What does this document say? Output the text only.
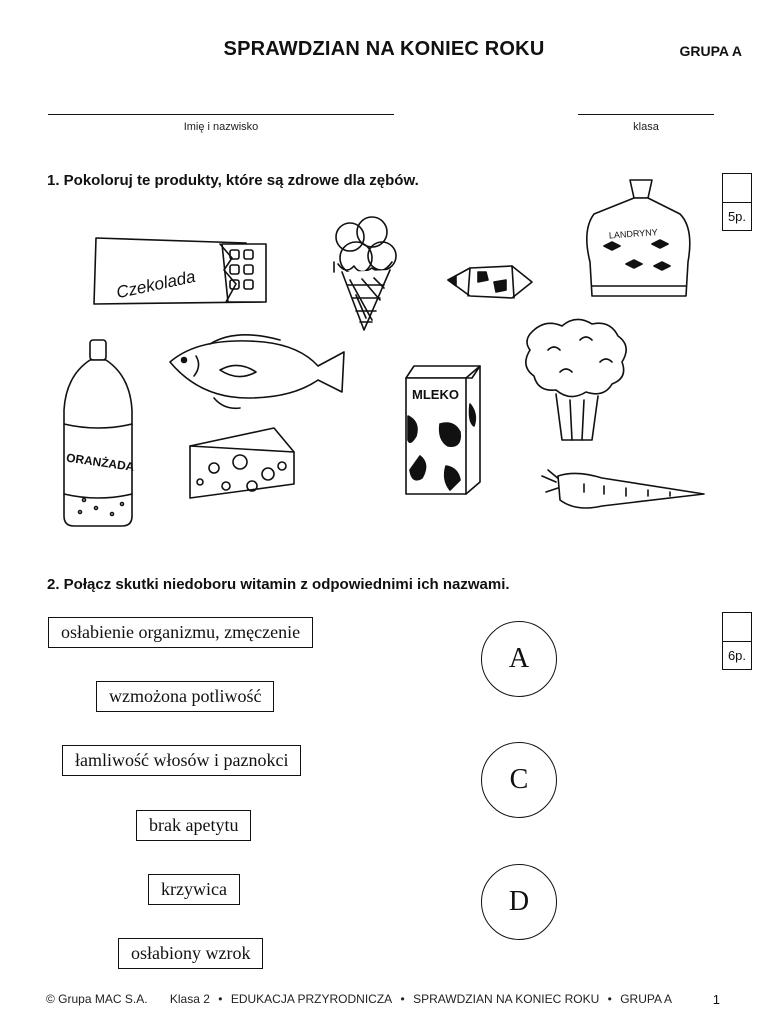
SPRAWDZIAN NA KONIEC ROKU	GRUPA A
Imię i nazwisko	klasa
1. Pokoloruj te produkty, które są zdrowe dla zębów.
5p.
Czekolada
LANDRYNY
MLEKO
ORANŻADA
2. Połącz skutki niedoboru witamin z odpowiednimi ich nazwami.
6p.
osłabienie organizmu, zmęczenie
wzmożona potliwość
łamliwość włosów i paznokci
brak apetytu
krzywica
osłabiony wzrok
A
C
D
© Grupa MAC S.A. Klasa 2 • EDUKACJA PRZYRODNICZA • SPRAWDZIAN NA KONIEC ROKU • GRUPA A	1
